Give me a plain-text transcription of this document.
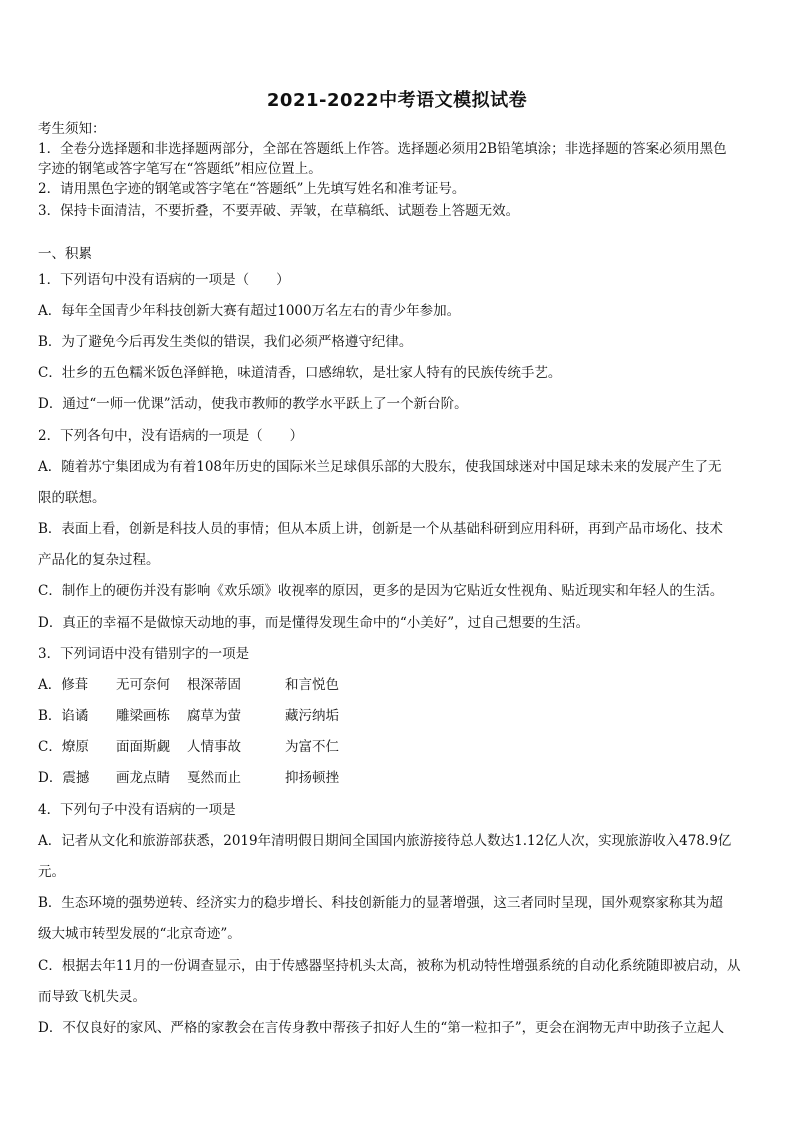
2021-2022中考语文模拟试卷
考生须知：
1．全卷分选择题和非选择题两部分，全部在答题纸上作答。选择题必须用2B铅笔填涂；非选择题的答案必须用黑色
字迹的钢笔或答字笔写在“答题纸”相应位置上。
2．请用黑色字迹的钢笔或答字笔在“答题纸”上先填写姓名和准考证号。
3．保持卡面清洁，不要折叠，不要弄破、弄皱，在草稿纸、试题卷上答题无效。
一、积累
1．下列语句中没有语病的一项是（　　）
A．每年全国青少年科技创新大赛有超过1000万名左右的青少年参加。
B．为了避免今后再发生类似的错误，我们必须严格遵守纪律。
C．壮乡的五色糯米饭色泽鲜艳，味道清香，口感绵软，是壮家人特有的民族传统手艺。
D．通过“一师一优课”活动，使我市教师的教学水平跃上了一个新台阶。
2．下列各句中，没有语病的一项是（　　）
A．随着苏宁集团成为有着108年历史的国际米兰足球俱乐部的大股东，使我国球迷对中国足球未来的发展产生了无
限的联想。
B．表面上看，创新是科技人员的事情；但从本质上讲，创新是一个从基础科研到应用科研，再到产品市场化、技术
产品化的复杂过程。
C．制作上的硬伤并没有影响《欢乐颂》收视率的原因，更多的是因为它贴近女性视角、贴近现实和年轻人的生活。
D．真正的幸福不是做惊天动地的事，而是懂得发现生命中的“小美好”，过自己想要的生活。
3．下列词语中没有错别字的一项是
A．修葺 无可奈何 根深蒂固	和言悦色
B．谄谲 雕梁画栋 腐草为萤	藏污纳垢
C．燎原 面面斯觑 人情事故	为富不仁
D．震撼 画龙点睛 戛然而止	抑扬顿挫
4．下列句子中没有语病的一项是
A．记者从文化和旅游部获悉，2019年清明假日期间全国国内旅游接待总人数达1.12亿人次，实现旅游收入478.9亿
元。
B．生态环境的强势逆转、经济实力的稳步增长、科技创新能力的显著增强，这三者同时呈现，国外观察家称其为超
级大城市转型发展的“北京奇迹”。
C．根据去年11月的一份调查显示，由于传感器坚持机头太高，被称为机动特性增强系统的自动化系统随即被启动，从
而导致飞机失灵。
D．不仅良好的家风、严格的家教会在言传身教中帮孩子扣好人生的“第一粒扣子”，更会在润物无声中助孩子立起人
